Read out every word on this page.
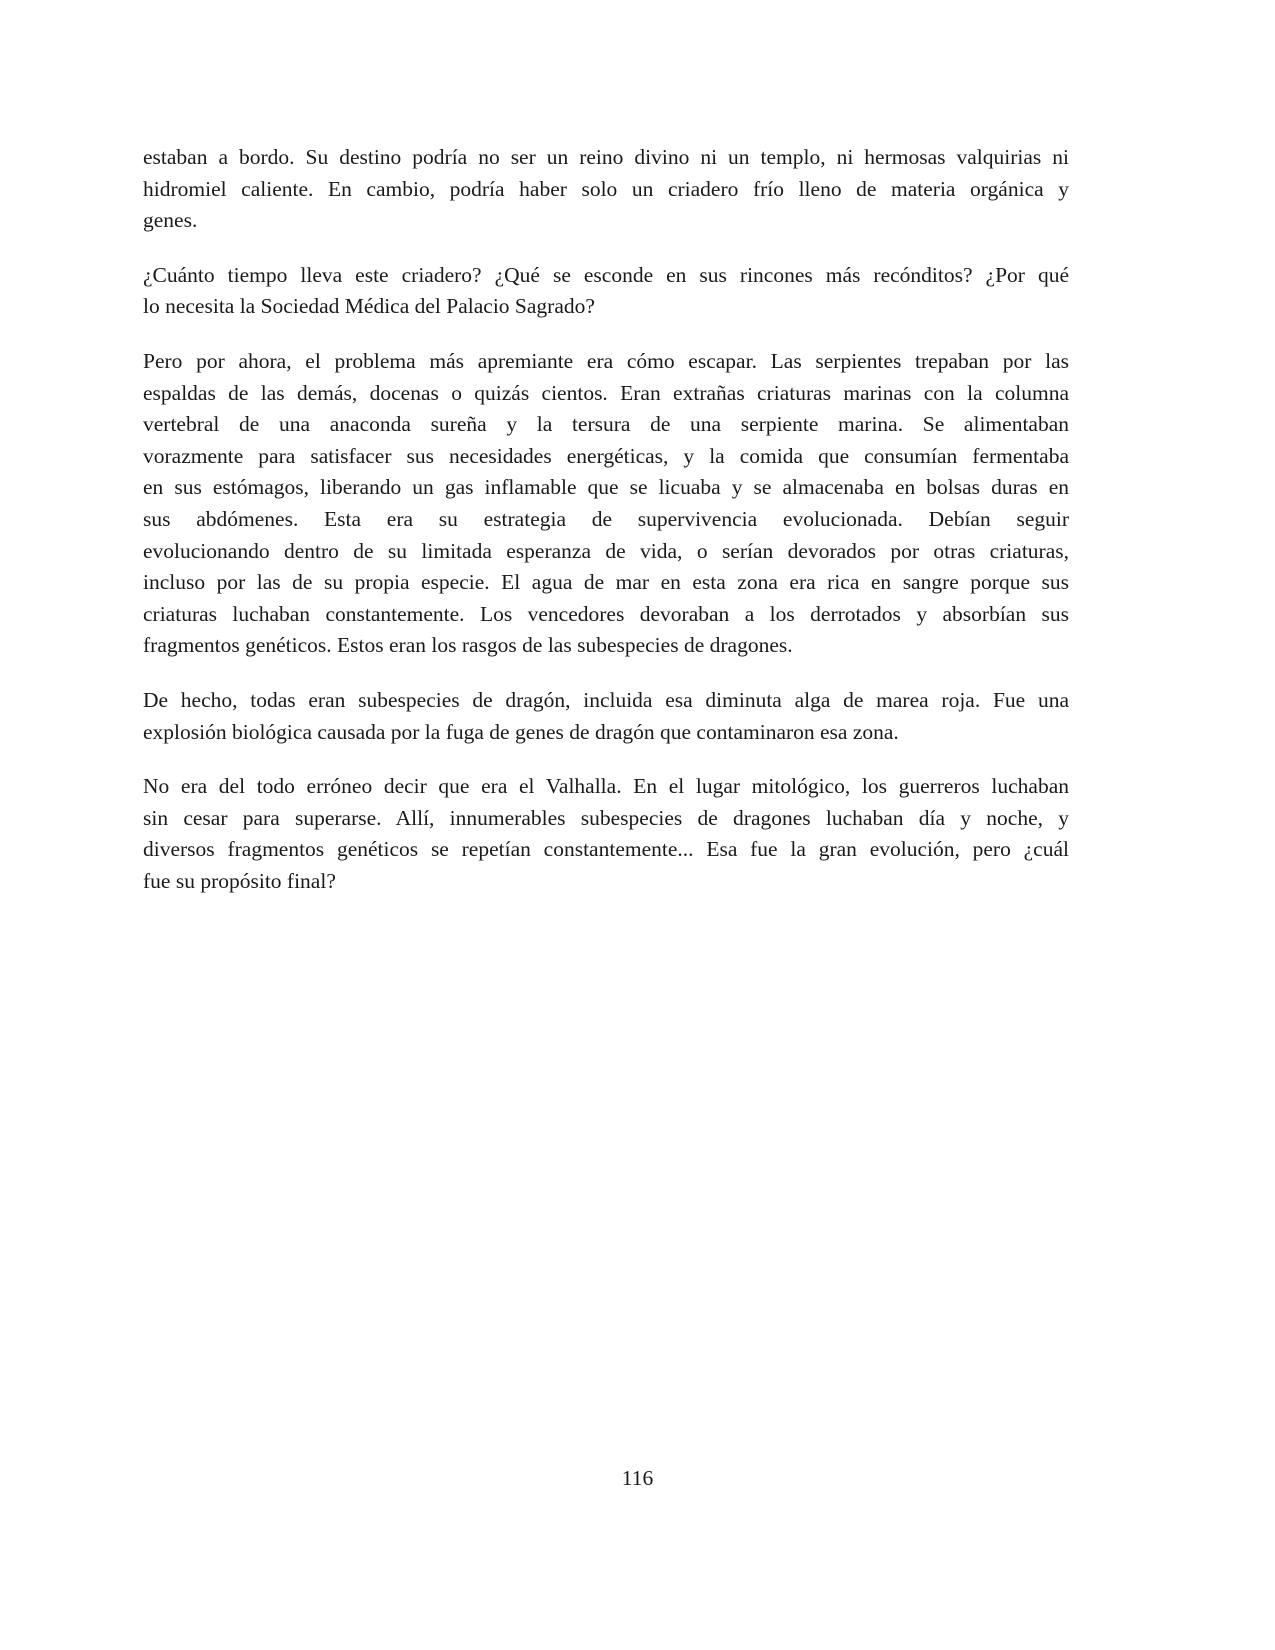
estaban a bordo. Su destino podría no ser un reino divino ni un templo, ni hermosas valquirias ni
hidromiel caliente. En cambio, podría haber solo un criadero frío lleno de materia orgánica y
genes.
¿Cuánto tiempo lleva este criadero? ¿Qué se esconde en sus rincones más recónditos? ¿Por qué
lo necesita la Sociedad Médica del Palacio Sagrado?
Pero por ahora, el problema más apremiante era cómo escapar. Las serpientes trepaban por las
espaldas de las demás, docenas o quizás cientos. Eran extrañas criaturas marinas con la columna
vertebral de una anaconda sureña y la tersura de una serpiente marina. Se alimentaban
vorazmente para satisfacer sus necesidades energéticas, y la comida que consumían fermentaba
en sus estómagos, liberando un gas inflamable que se licuaba y se almacenaba en bolsas duras en
sus abdómenes. Esta era su estrategia de supervivencia evolucionada. Debían seguir
evolucionando dentro de su limitada esperanza de vida, o serían devorados por otras criaturas,
incluso por las de su propia especie. El agua de mar en esta zona era rica en sangre porque sus
criaturas luchaban constantemente. Los vencedores devoraban a los derrotados y absorbían sus
fragmentos genéticos. Estos eran los rasgos de las subespecies de dragones.
De hecho, todas eran subespecies de dragón, incluida esa diminuta alga de marea roja. Fue una
explosión biológica causada por la fuga de genes de dragón que contaminaron esa zona.
No era del todo erróneo decir que era el Valhalla. En el lugar mitológico, los guerreros luchaban
sin cesar para superarse. Allí, innumerables subespecies de dragones luchaban día y noche, y
diversos fragmentos genéticos se repetían constantemente... Esa fue la gran evolución, pero ¿cuál
fue su propósito final?
116
